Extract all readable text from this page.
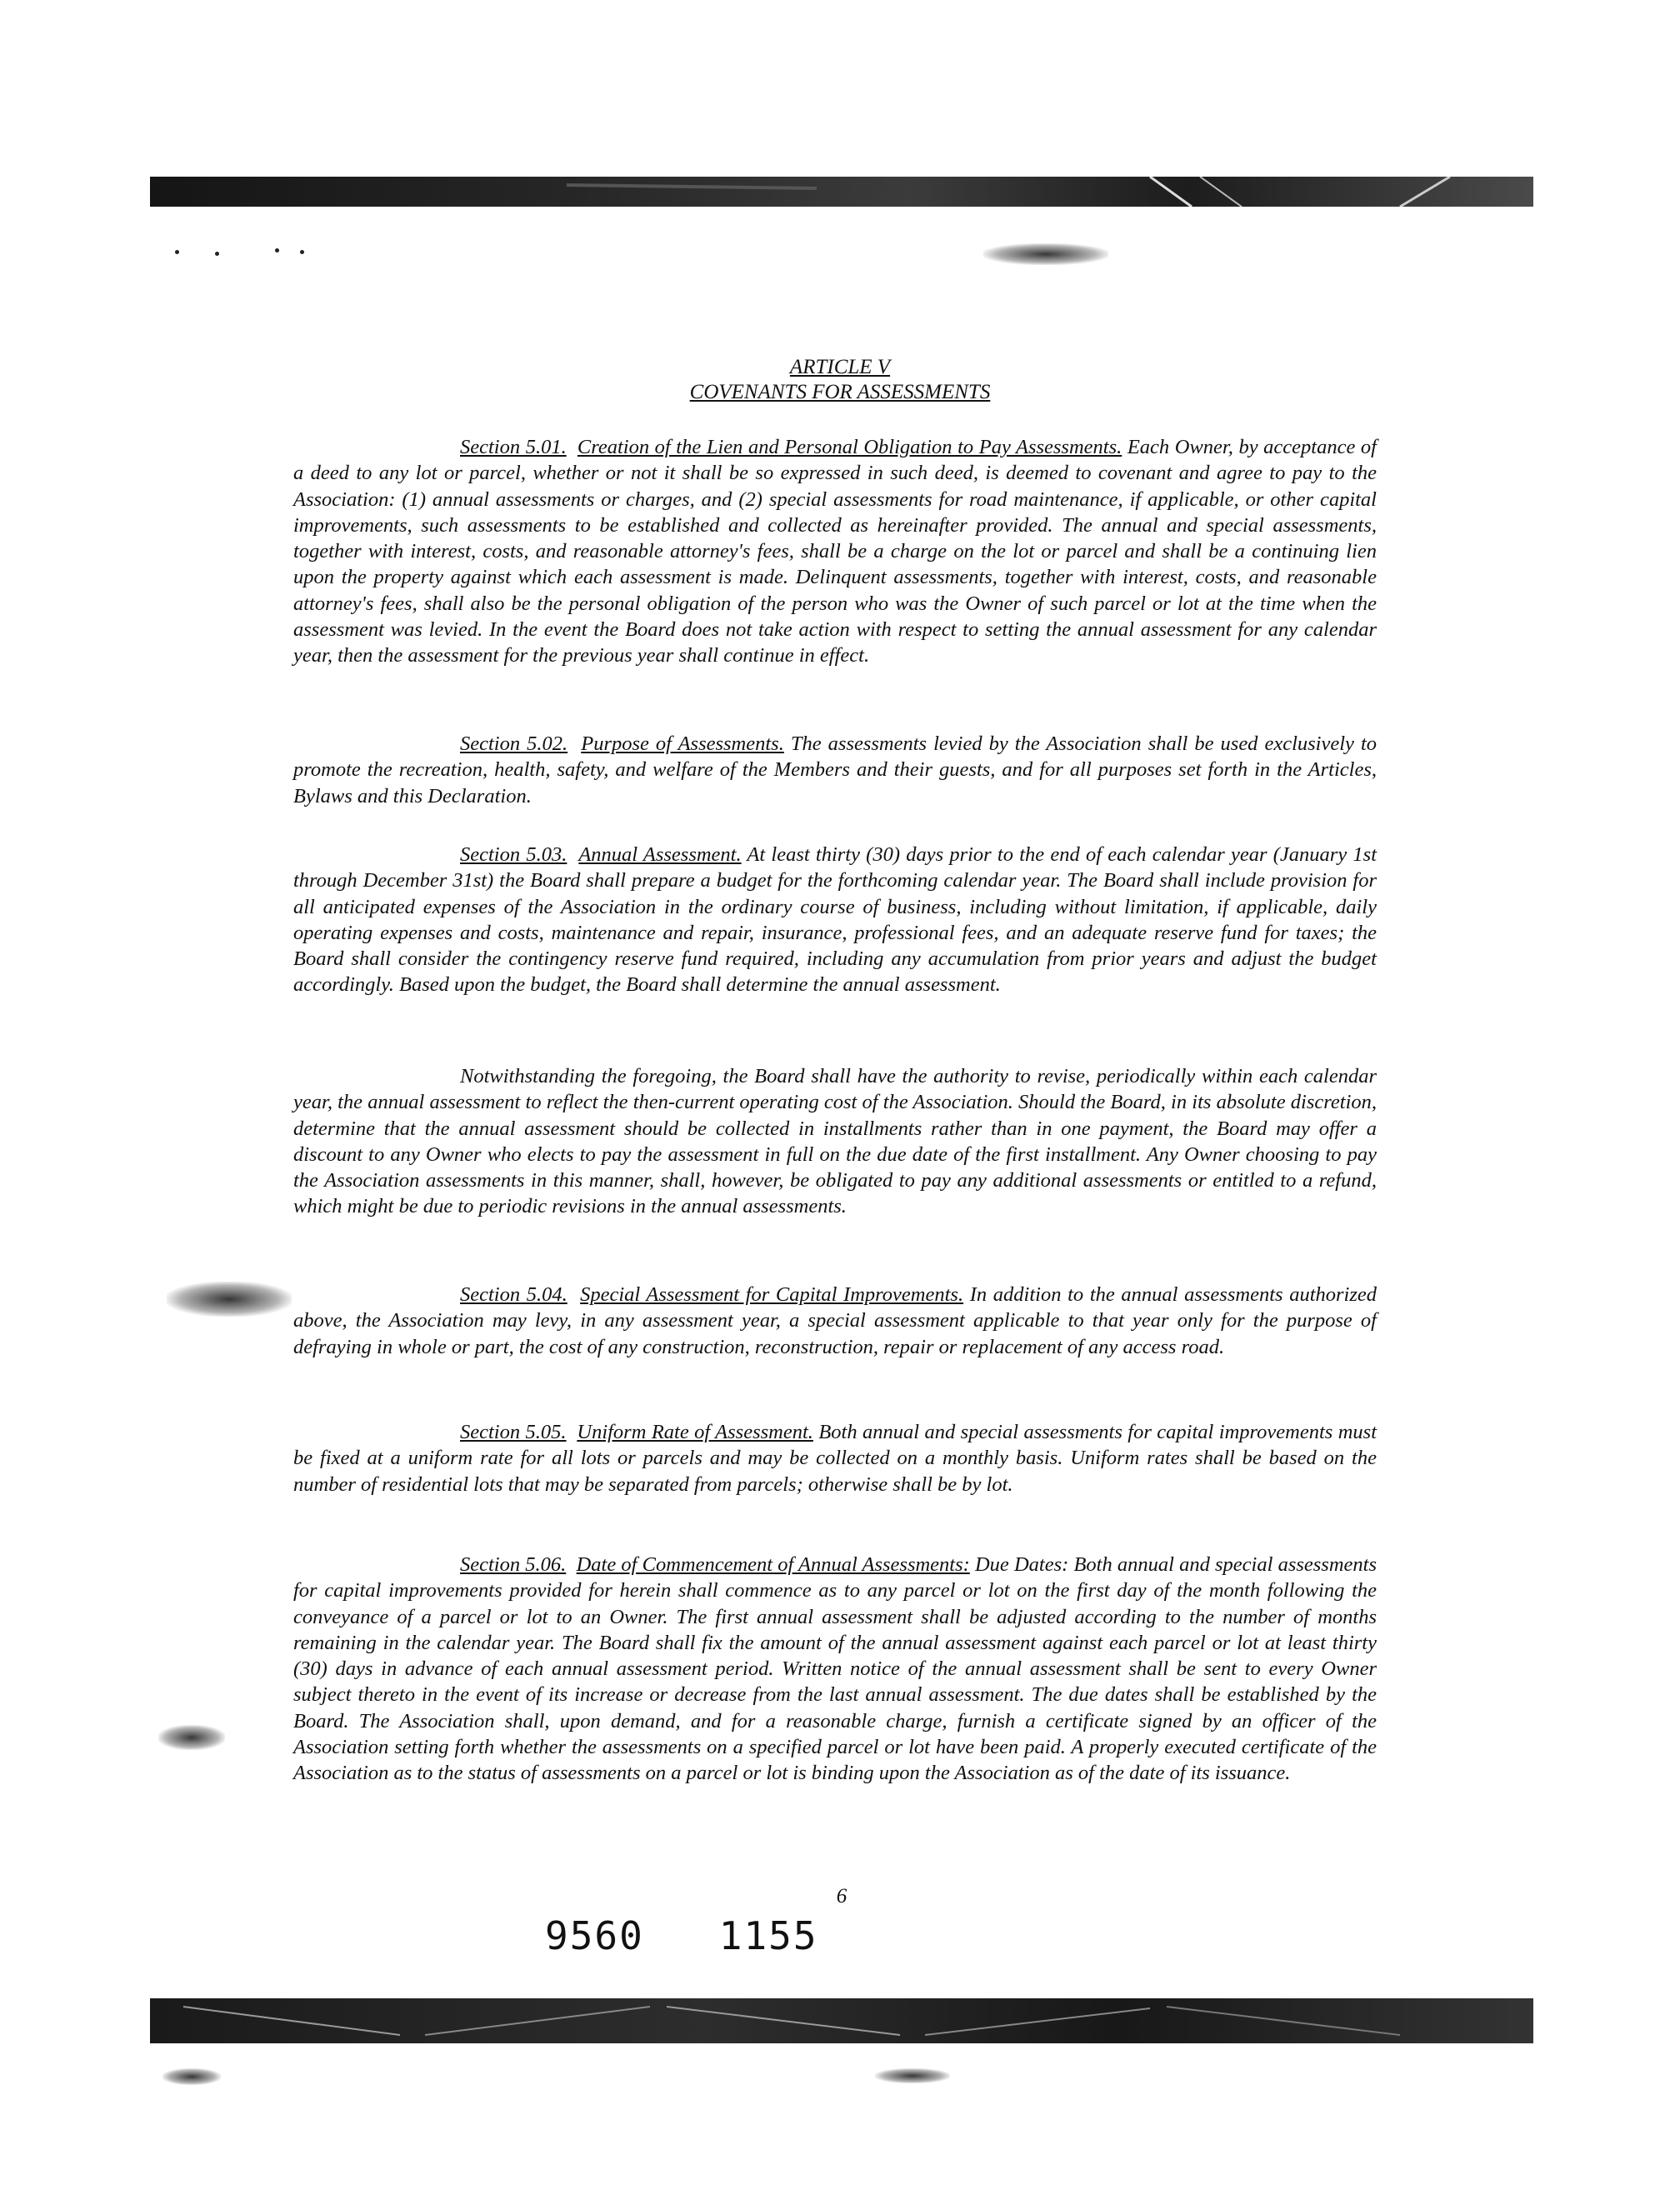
ARTICLE V
COVENANTS FOR ASSESSMENTS
Section 5.01. Creation of the Lien and Personal Obligation to Pay Assessments. Each Owner, by acceptance of a deed to any lot or parcel, whether or not it shall be so expressed in such deed, is deemed to covenant and agree to pay to the Association: (1) annual assessments or charges, and (2) special assessments for road maintenance, if applicable, or other capital improvements, such assessments to be established and collected as hereinafter provided. The annual and special assessments, together with interest, costs, and reasonable attorney's fees, shall be a charge on the lot or parcel and shall be a continuing lien upon the property against which each assessment is made. Delinquent assessments, together with interest, costs, and reasonable attorney's fees, shall also be the personal obligation of the person who was the Owner of such parcel or lot at the time when the assessment was levied. In the event the Board does not take action with respect to setting the annual assessment for any calendar year, then the assessment for the previous year shall continue in effect.
Section 5.02. Purpose of Assessments. The assessments levied by the Association shall be used exclusively to promote the recreation, health, safety, and welfare of the Members and their guests, and for all purposes set forth in the Articles, Bylaws and this Declaration.
Section 5.03. Annual Assessment. At least thirty (30) days prior to the end of each calendar year (January 1st through December 31st) the Board shall prepare a budget for the forthcoming calendar year. The Board shall include provision for all anticipated expenses of the Association in the ordinary course of business, including without limitation, if applicable, daily operating expenses and costs, maintenance and repair, insurance, professional fees, and an adequate reserve fund for taxes; the Board shall consider the contingency reserve fund required, including any accumulation from prior years and adjust the budget accordingly. Based upon the budget, the Board shall determine the annual assessment.
Notwithstanding the foregoing, the Board shall have the authority to revise, periodically within each calendar year, the annual assessment to reflect the then-current operating cost of the Association. Should the Board, in its absolute discretion, determine that the annual assessment should be collected in installments rather than in one payment, the Board may offer a discount to any Owner who elects to pay the assessment in full on the due date of the first installment. Any Owner choosing to pay the Association assessments in this manner, shall, however, be obligated to pay any additional assessments or entitled to a refund, which might be due to periodic revisions in the annual assessments.
Section 5.04. Special Assessment for Capital Improvements. In addition to the annual assessments authorized above, the Association may levy, in any assessment year, a special assessment applicable to that year only for the purpose of defraying in whole or part, the cost of any construction, reconstruction, repair or replacement of any access road.
Section 5.05. Uniform Rate of Assessment. Both annual and special assessments for capital improvements must be fixed at a uniform rate for all lots or parcels and may be collected on a monthly basis. Uniform rates shall be based on the number of residential lots that may be separated from parcels; otherwise shall be by lot.
Section 5.06. Date of Commencement of Annual Assessments: Due Dates: Both annual and special assessments for capital improvements provided for herein shall commence as to any parcel or lot on the first day of the month following the conveyance of a parcel or lot to an Owner. The first annual assessment shall be adjusted according to the number of months remaining in the calendar year. The Board shall fix the amount of the annual assessment against each parcel or lot at least thirty (30) days in advance of each annual assessment period. Written notice of the annual assessment shall be sent to every Owner subject thereto in the event of its increase or decrease from the last annual assessment. The due dates shall be established by the Board. The Association shall, upon demand, and for a reasonable charge, furnish a certificate signed by an officer of the Association setting forth whether the assessments on a specified parcel or lot have been paid. A properly executed certificate of the Association as to the status of assessments on a parcel or lot is binding upon the Association as of the date of its issuance.
6
9560 1155
